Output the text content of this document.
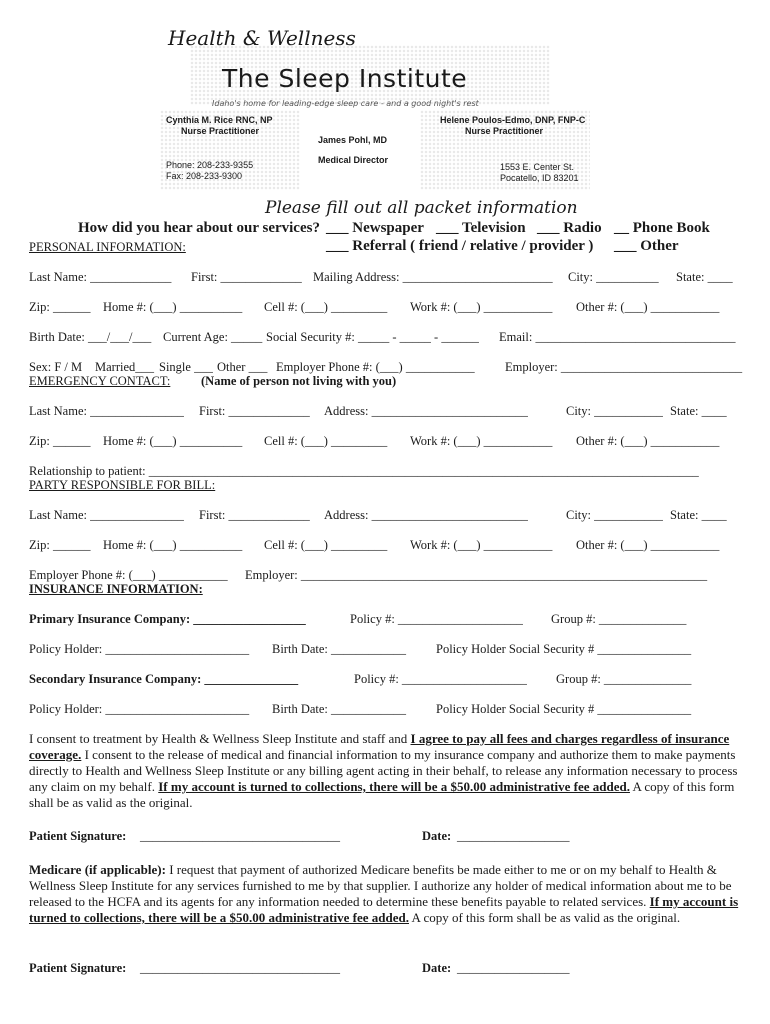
Health & Wellness
The Sleep Institute
Idaho's home for leading-edge sleep care - and a good night's rest
Cynthia M. Rice RNC, NP
Nurse Practitioner
James Pohl, MD
Medical Director
Helene Poulos-Edmo, DNP, FNP-C
Nurse Practitioner
Phone: 208-233-9355
Fax: 208-233-9300
1553 E. Center St.
Pocatello, ID 83201
Please fill out all packet information
How did you hear about our services? ___ Newspaper ___ Television ___ Radio __ Phone Book
___ Referral ( friend / relative / provider ) ___ Other
PERSONAL INFORMATION:
Last Name: _____________ First: _____________ Mailing Address: ________________________ City: __________ State: ____
Zip: ______ Home #: (___) __________ Cell #: (___) _________ Work #: (___) ___________ Other #: (___) ___________
Birth Date: ___/___/___ Current Age: _____ Social Security #: _____ - _____ - ______ Email: ________________________________
Sex: F / M Married___ Single ___ Other ___ Employer Phone #: (___) ___________ Employer: _____________________________
EMERGENCY CONTACT: (Name of person not living with you)
Last Name: _______________ First: _____________ Address: _________________________	City: ___________ State: ____
Zip: ______ Home #: (___) __________ Cell #: (___) _________ Work #: (___) ___________ Other #: (___) ___________
Relationship to patient: ________________________________________________________________________________________
PARTY RESPONSIBLE FOR BILL:
Last Name: _______________ First: _____________ Address: _________________________	City: ___________ State: ____
Zip: ______ Home #: (___) __________ Cell #: (___) _________ Work #: (___) ___________ Other #: (___) ___________
Employer Phone #: (___) ___________ Employer: _________________________________________________________________
INSURANCE INFORMATION:
Primary Insurance Company: __________________	Policy #: ____________________ Group #: ______________
Policy Holder: _______________________ Birth Date: ____________ Policy Holder Social Security # _______________
Secondary Insurance Company: _______________	Policy #: ____________________ Group #: ______________
Policy Holder: _______________________ Birth Date: ____________ Policy Holder Social Security # _______________
I consent to treatment by Health & Wellness Sleep Institute and staff and I agree to pay all fees and charges regardless of insurance coverage. I consent to the release of medical and financial information to my insurance company and authorize them to make payments directly to Health and Wellness Sleep Institute or any billing agent acting in their behalf, to release any information necessary to process any claim on my behalf. If my account is turned to collections, there will be a $50.00 administrative fee added. A copy of this form shall be as valid as the original.
Patient Signature: ________________________________	Date: __________________
Medicare (if applicable): I request that payment of authorized Medicare benefits be made either to me or on my behalf to Health & Wellness Sleep Institute for any services furnished to me by that supplier. I authorize any holder of medical information about me to be released to the HCFA and its agents for any information needed to determine these benefits payable to related services. If my account is turned to collections, there will be a $50.00 administrative fee added. A copy of this form shall be as valid as the original.
Patient Signature: ________________________________	Date: __________________
